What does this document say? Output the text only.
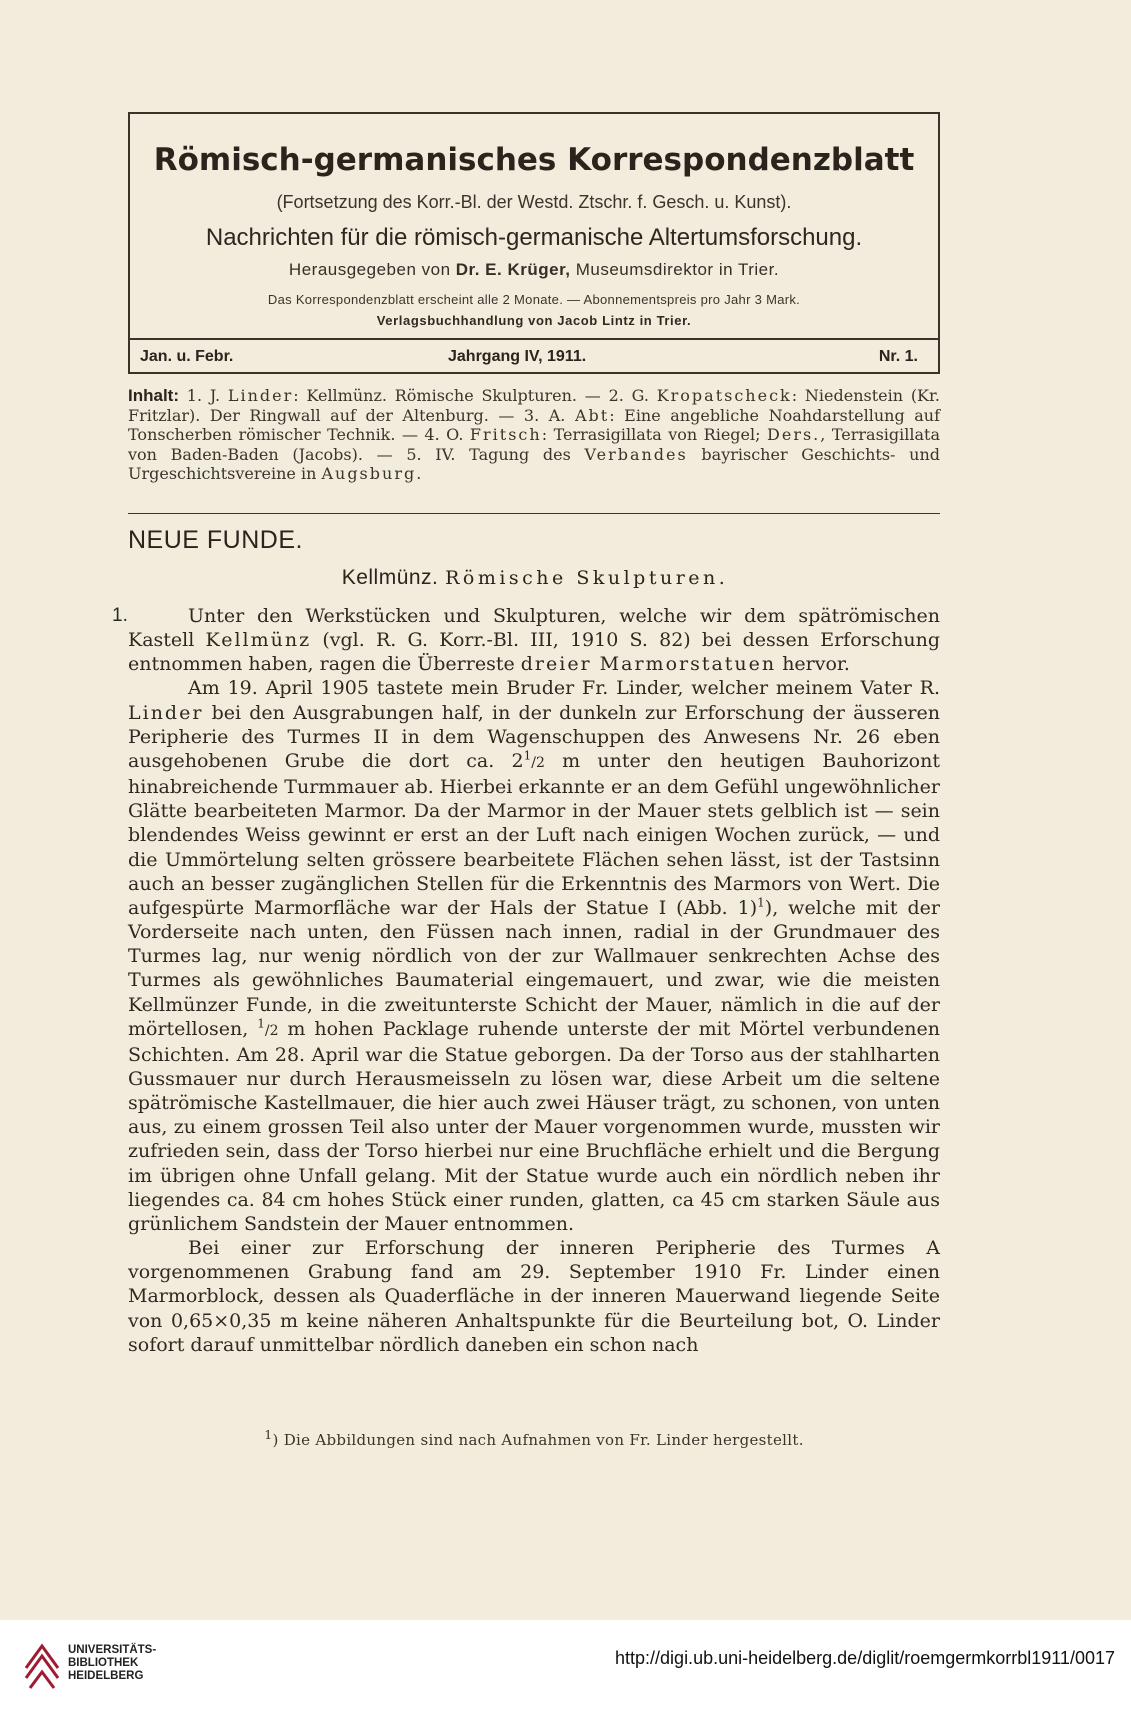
Römisch-germanisches Korrespondenzblatt
(Fortsetzung des Korr.-Bl. der Westd. Ztschr. f. Gesch. u. Kunst).
Nachrichten für die römisch-germanische Altertumsforschung.
Herausgegeben von Dr. E. Krüger, Museumsdirektor in Trier.
Das Korrespondenzblatt erscheint alle 2 Monate. — Abonnementspreis pro Jahr 3 Mark.
Verlagsbuchhandlung von Jacob Lintz in Trier.
Jan. u. Febr.	Jahrgang IV, 1911.	Nr. 1.
Inhalt: 1. J. Linder: Kellmünz. Römische Skulpturen. — 2. G. Kropatscheck: Niedenstein (Kr. Fritzlar). Der Ringwall auf der Altenburg. — 3. A. Abt: Eine angebliche Noahdarstellung auf Tonscherben römischer Technik. — 4. O. Fritsch: Terrasigillata von Riegel; Ders., Terrasigillata von Baden-Baden (Jacobs). — 5. IV. Tagung des Verbandes bayrischer Geschichts- und Urgeschichtsvereine in Augsburg.
NEUE FUNDE.
Kellmünz. Römische Skulpturen.
1.	Unter den Werkstücken und Skulpturen, welche wir dem spätrömischen Kastell Kellmünz (vgl. R. G. Korr.-Bl. III, 1910 S. 82) bei dessen Erforschung entnommen haben, ragen die Überreste dreier Marmorstatuen hervor.

Am 19. April 1905 tastete mein Bruder Fr. Linder, welcher meinem Vater R. Linder bei den Ausgrabungen half, in der dunkeln zur Erforschung der äusseren Peripherie des Turmes II in dem Wagenschuppen des Anwesens Nr. 26 eben ausgehobenen Grube die dort ca. $2^1/2$ m unter den heutigen Bauhorizont hinabreichende Turmmauer ab. Hierbei erkannte er an dem Gefühl ungewöhnlicher Glätte bearbeiteten Marmor. Da der Marmor in der Mauer stets gelblich ist — sein blendendes Weiss gewinnt er erst an der Luft nach einigen Wochen zurück, — und die Ummörtelung selten grössere bearbeitete Flächen sehen lässt, ist der Tastsinn auch an besser zugänglichen Stellen für die Erkenntnis des Marmors von Wert. Die aufgespürte Marmorfläche war der Hals der Statue I (Abb. 1)$^1$), welche mit der Vorderseite nach unten, den Füssen nach innen, radial in der Grundmauer des Turmes lag, nur wenig nördlich von der zur Wallmauer senkrechten Achse des Turmes als gewöhnliches Baumaterial eingemauert, und zwar, wie die meisten Kellmünzer Funde, in die zweitunterste Schicht der Mauer, nämlich in die auf der mörtellosen, $^1$/2 m hohen Packlage ruhende unterste der mit Mörtel verbundenen Schichten. Am 28. April war die Statue geborgen. Da der Torso aus der stahlharten Gussmauer nur durch Herausmeisseln zu lösen war, diese Arbeit um die seltene spätrömische Kastellmauer, die hier auch zwei Häuser trägt, zu schonen, von unten aus, zu einem grossen Teil also unter der Mauer vorgenommen wurde, mussten wir zufrieden sein, dass der Torso hierbei nur eine Bruchfläche erhielt und die Bergung im übrigen ohne Unfall gelang. Mit der Statue wurde auch ein nördlich neben ihr liegendes ca. 84 cm hohes Stück einer runden, glatten, ca 45 cm starken Säule aus grünlichem Sandstein der Mauer entnommen.

Bei einer zur Erforschung der inneren Peripherie des Turmes A vorgenommenen Grabung fand am 29. September 1910 Fr. Linder einen Marmorblock, dessen als Quaderfläche in der inneren Mauerwand liegende Seite von 0,65×0,35 m keine näheren Anhaltspunkte für die Beurteilung bot, O. Linder sofort darauf unmittelbar nördlich daneben ein schon nach

$^1$) Die Abbildungen sind nach Aufnahmen von Fr. Linder hergestellt.
UNIVERSITÄTS-
BIBLIOTHEK
HEIDELBERG
http://digi.ub.uni-heidelberg.de/diglit/roemgermkorrbl1911/0017
